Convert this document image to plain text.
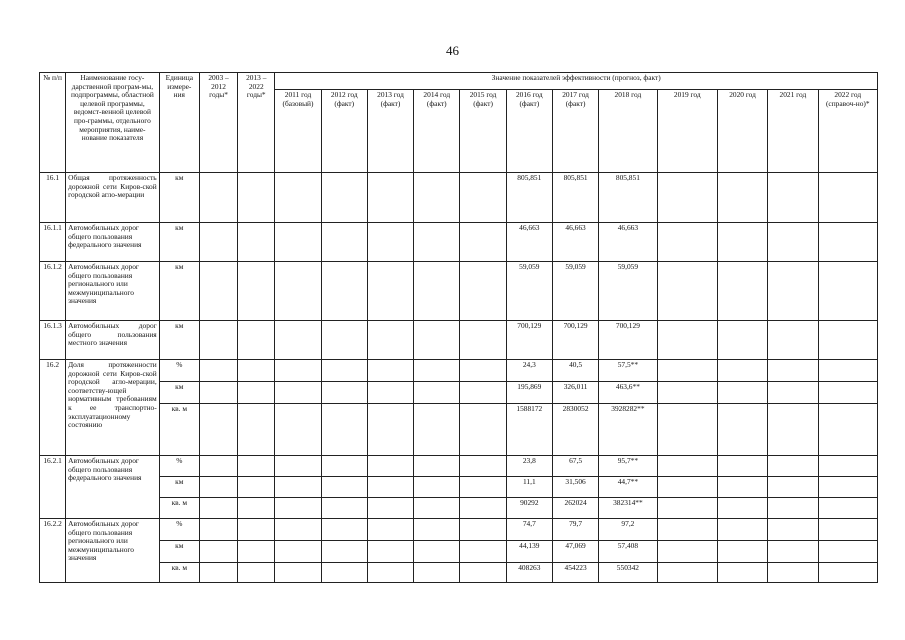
46
№ п/п	Наименование госу-дарственной програм-мы, подпрограммы, областной целевой программы, ведомст-венной целевой про-граммы, отдельного мероприятия, наиме-нование показателя	Единица измере-ния	2003 – 2012 годы*	2013 – 2022 годы*	Значение показателей эффективности (прогноз, факт)											
					2011 год (базовый)	2012 год (факт)	2013 год (факт)	2014 год (факт)	2015 год (факт)	2016 год (факт)	2017 год (факт)	2018 год	2019 год	2020 год	2021 год	2022 год (справоч-но)*
16.1	Общая протяженность дорожной сети Киров-ской городской агло-мерации	км								805,851	805,851	805,851				
16.1.1	Автомобильных дорог общего пользования федерального значения	км								46,663	46,663	46,663				
16.1.2	Автомобильных дорог общего пользования регионального или межмуниципального значения	км								59,059	59,059	59,059				
16.1.3	Автомобильных дорог общего пользования местного значения	км								700,129	700,129	700,129				
16.2	Доля протяженности дорожной сети Киров-ской городской агло-мерации, соответству-ющей нормативным требованиям к ее транспортно-эксплуатационному состоянию	%								24,3	40,5	57,5**				
		км								195,869	326,011	463,6**				
		кв. м								1588172	2830052	3928282**				
16.2.1	Автомобильных дорог общего пользования федерального значения	%								23,8	67,5	95,7**				
		км								11,1	31,506	44,7**				
		кв. м								90292	262024	382314**				
16.2.2	Автомобильных дорог общего пользования регионального или межмуниципального значения	%								74,7	79,7	97,2				
		км								44,139	47,069	57,408				
		кв. м								408263	454223	550342				
